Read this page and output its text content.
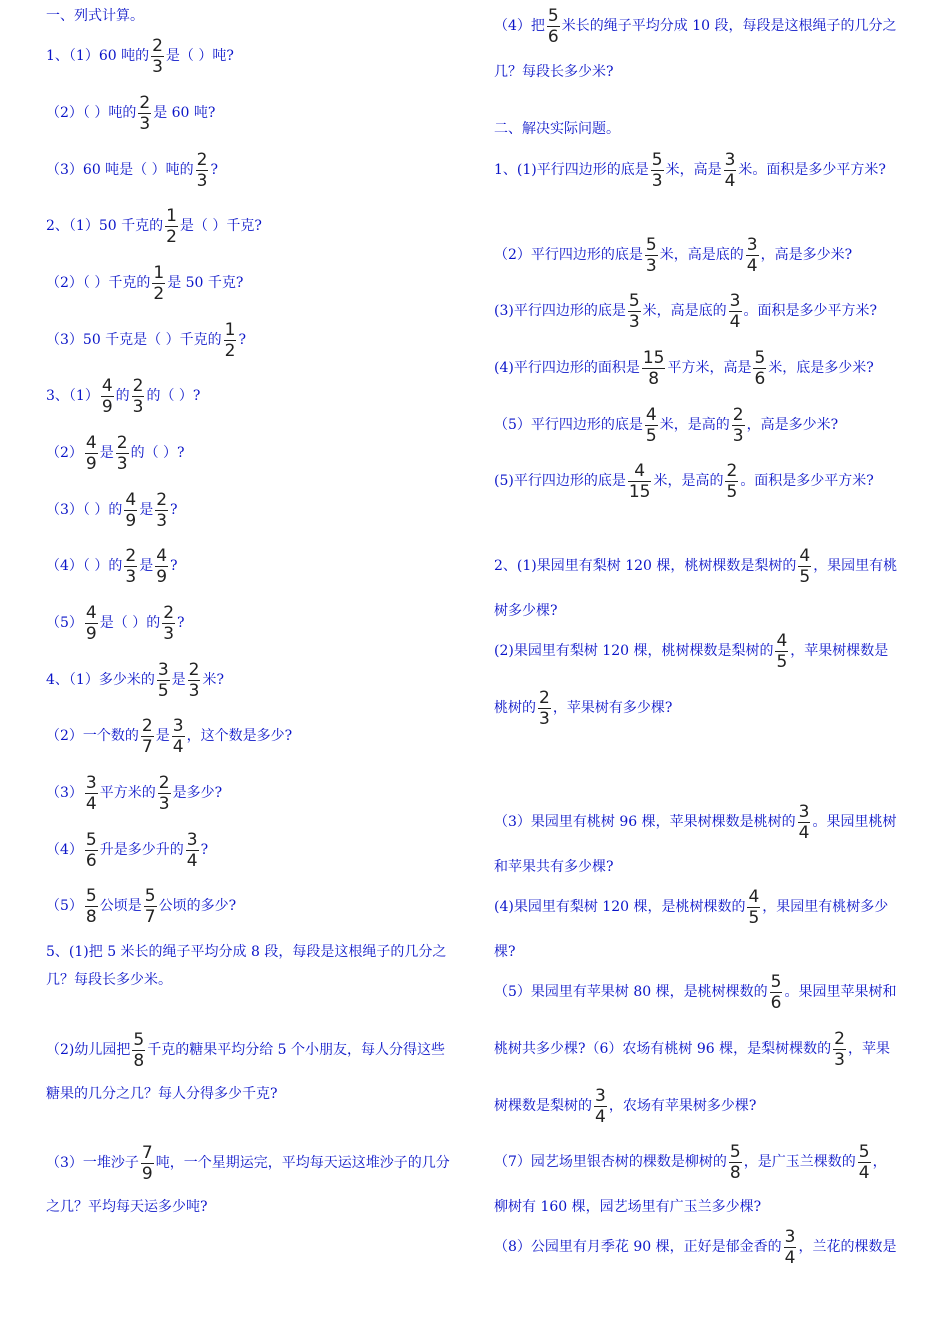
一、列式计算。
1、（1）60 吨的 $\frac{2}{3}$ 是（ ）吨?
（2）（ ）吨的 $\frac{2}{3}$ 是 60 吨?
（3）60 吨是（ ）吨的 $\frac{2}{3}$ ?
2、（1）50 千克的 $\frac{1}{2}$ 是（ ）千克?
（2）（ ）千克的 $\frac{1}{2}$ 是 50 千克?
（3）50 千克是（ ）千克的 $\frac{1}{2}$ ?
3、$(1) \frac{4}{9}$ 的 $\frac{2}{3}$ 的（ ）?
$(2) \frac{4}{9}$ 是 $\frac{2}{3}$ 的（ ）?
（3）（ ）的 $\frac{4}{9}$ 是 $\frac{2}{3}$ ?
（4）（ ）的 $\frac{2}{3}$ 是 $\frac{4}{9}$ ?
$(5) \frac{4}{9}$ 是（ ）的 $\frac{2}{3}$ ?
4、（1）多少米的 $\frac{3}{5}$ 是 $\frac{2}{3}$ 米?
（2）一个数的 $\frac{2}{7}$ 是 $\frac{3}{4}$ ，这个数是多少?
$(3) \frac{3}{4}$ 平方米的 $\frac{2}{3}$ 是多少?
$(4) \frac{5}{6}$ 升是多少升的 $\frac{3}{4}$ ?
$(5) \frac{5}{8}$ 公顷是 $\frac{5}{7}$ 公顷的多少?
5、(1)把 5 米长的绳子平均分成 8 段，每段是这根绳子的几分之
几？每段长多少米。
（2)幼儿园把 $\frac{5}{8}$ 千克的糖果平均分给 5 个小朋友，每人分得这些
糖果的几分之几？每人分得多少千克?
（3）一堆沙子 $\frac{7}{9}$ 吨，一个星期运完，平均每天运这堆沙子的几分
之几？平均每天运多少吨?
（4）把 $\frac{5}{6}$ 米长的绳子平均分成 10 段，每段是这根绳子的几分之
几？每段长多少米?
二、解决实际问题。
1、(1)平行四边形的底是 $\frac{5}{3}$ 米，高是 $\frac{3}{4}$ 米。面积是多少平方米?
（2）平行四边形的底是 $\frac{5}{3}$ 米，高是底的 $\frac{3}{4}$ ，高是多少米?
(3)平行四边形的底是 $\frac{5}{3}$ 米，高是底的 $\frac{3}{4}$ 。面积是多少平方米?
(4)平行四边形的面积是 $\frac{15}{8}$ 平方米，高是 $\frac{5}{6}$ 米，底是多少米?
（5）平行四边形的底是 $\frac{4}{5}$ 米，是高的 $\frac{2}{3}$ ，高是多少米?
(5)平行四边形的底是 $\frac{4}{15}$ 米，是高的 $\frac{2}{5}$ 。面积是多少平方米?
2、(1)果园里有梨树 120 棵，桃树棵数是梨树的 $\frac{4}{5}$ ，果园里有桃
树多少棵?
(2)果园里有梨树 120 棵，桃树棵数是梨树的 $\frac{4}{5}$ ，苹果树棵数是
桃树的 $\frac{2}{3}$ ，苹果树有多少棵?
（3）果园里有桃树 96 棵，苹果树棵数是桃树的 $\frac{3}{4}$ 。果园里桃树
和苹果共有多少棵?
(4)果园里有梨树 120 棵，是桃树棵数的 $\frac{4}{5}$ ，果园里有桃树多少
棵?
（5）果园里有苹果树 80 棵，是桃树棵数的 $\frac{5}{6}$ 。果园里苹果树和
桃树共多少棵?（6）农场有桃树 96 棵，是梨树棵数的 $\frac{2}{3}$ ，苹果
树棵数是梨树的 $\frac{3}{4}$ ，农场有苹果树多少棵?
（7）园艺场里银杏树的棵数是柳树的 $\frac{5}{8}$ ，是广玉兰棵数的 $\frac{5}{4}$ ，
柳树有 160 棵，园艺场里有广玉兰多少棵?
（8）公园里有月季花 90 棵，正好是郁金香的 $\frac{3}{4}$ ，兰花的棵数是
